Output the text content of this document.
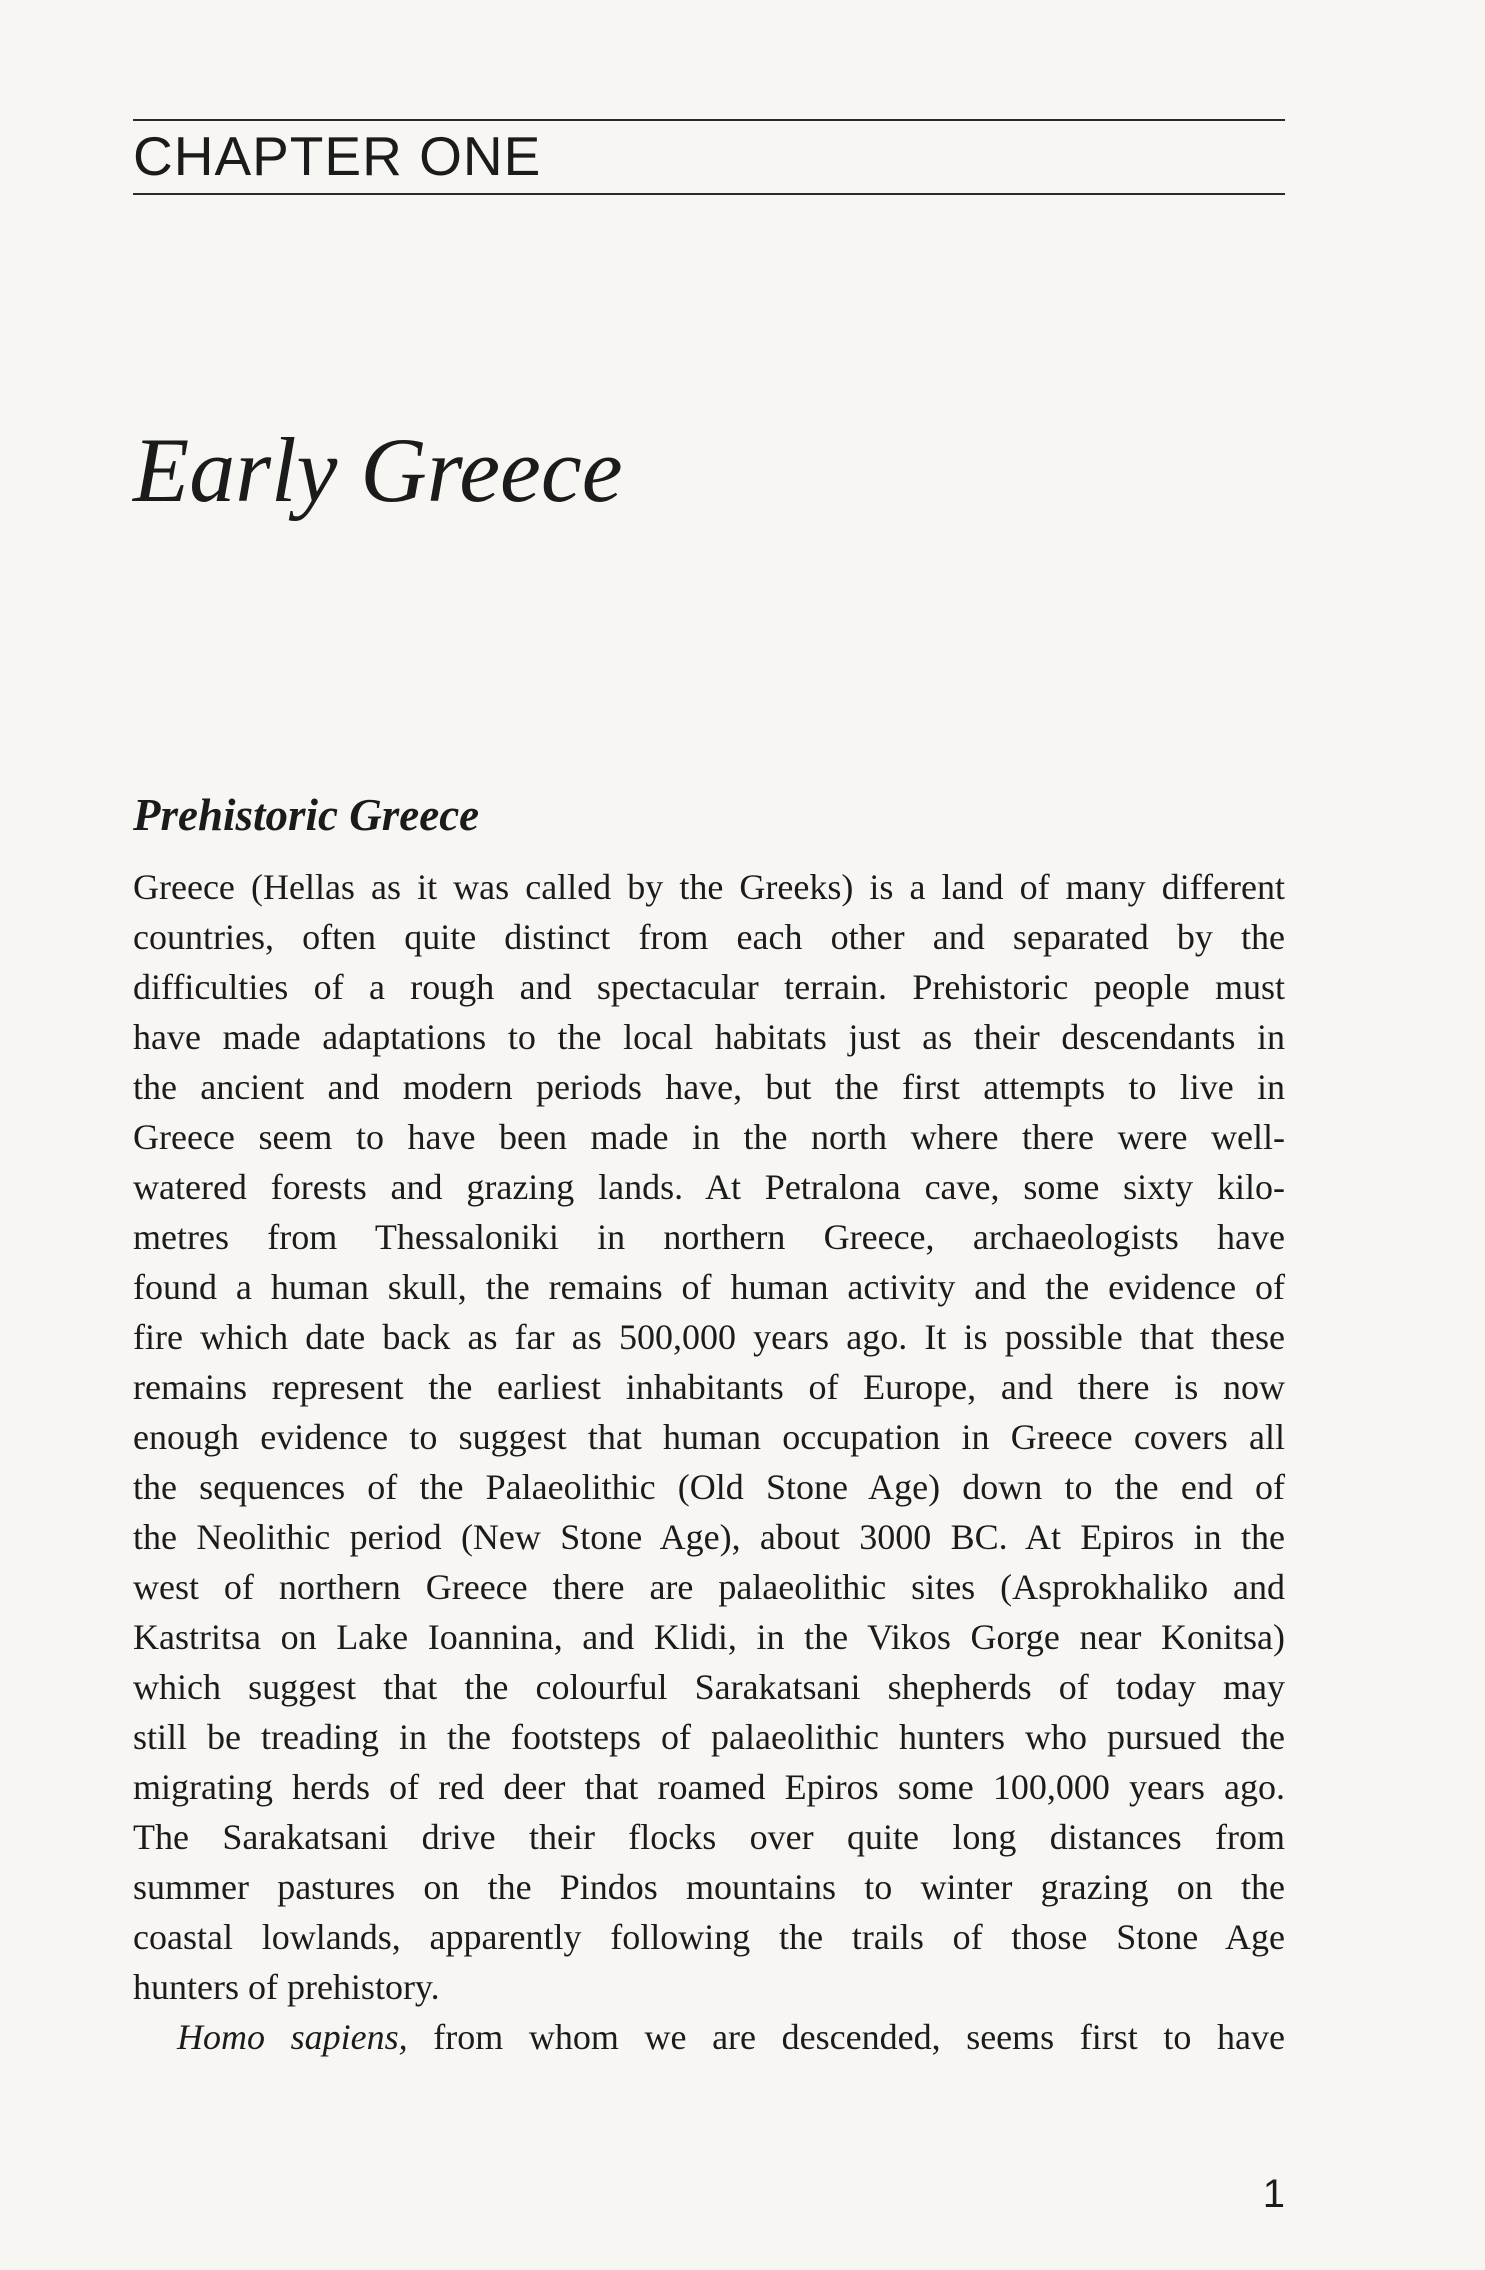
CHAPTER ONE
Early Greece
Prehistoric Greece
Greece (Hellas as it was called by the Greeks) is a land of many different
countries, often quite distinct from each other and separated by the
difficulties of a rough and spectacular terrain. Prehistoric people must
have made adaptations to the local habitats just as their descendants in
the ancient and modern periods have, but the first attempts to live in
Greece seem to have been made in the north where there were well-
watered forests and grazing lands. At Petralona cave, some sixty kilo-
metres from Thessaloniki in northern Greece, archaeologists have
found a human skull, the remains of human activity and the evidence of
fire which date back as far as 500,000 years ago. It is possible that these
remains represent the earliest inhabitants of Europe, and there is now
enough evidence to suggest that human occupation in Greece covers all
the sequences of the Palaeolithic (Old Stone Age) down to the end of
the Neolithic period (New Stone Age), about 3000 BC. At Epiros in the
west of northern Greece there are palaeolithic sites (Asprokhaliko and
Kastritsa on Lake Ioannina, and Klidi, in the Vikos Gorge near Konitsa)
which suggest that the colourful Sarakatsani shepherds of today may
still be treading in the footsteps of palaeolithic hunters who pursued the
migrating herds of red deer that roamed Epiros some 100,000 years ago.
The Sarakatsani drive their flocks over quite long distances from
summer pastures on the Pindos mountains to winter grazing on the
coastal lowlands, apparently following the trails of those Stone Age
hunters of prehistory.
Homo sapiens, from whom we are descended, seems first to have
1
